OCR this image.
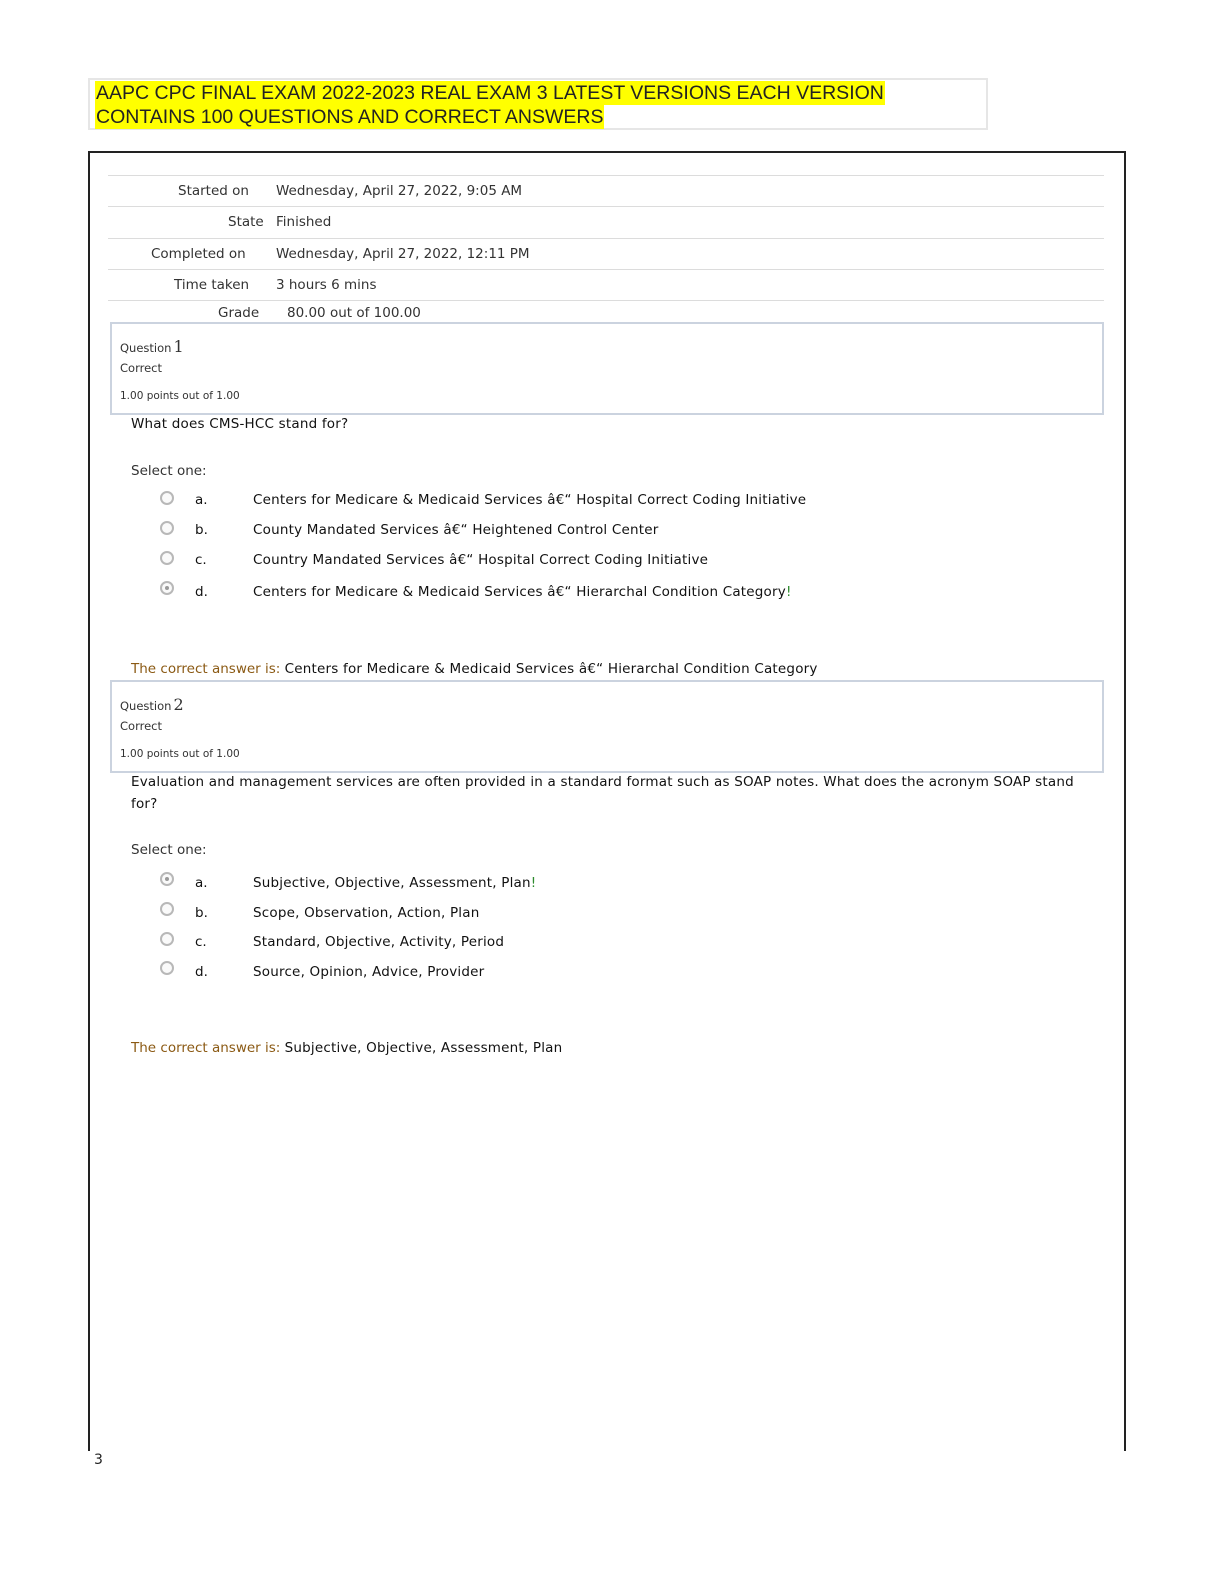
AAPC CPC FINAL EXAM 2022-2023 REAL EXAM 3 LATEST VERSIONS EACH VERSION
CONTAINS 100 QUESTIONS AND CORRECT ANSWERS
Started on Wednesday, April 27, 2022, 9:05 AM
State Finished
Completed on Wednesday, April 27, 2022, 12:11 PM
Time taken 3 hours 6 mins
Grade 80.00 out of 100.00
Question 1
Correct
1.00 points out of 1.00
What does CMS-HCC stand for?
Select one:
a.	Centers for Medicare & Medicaid Services â€“ Hospital Correct Coding Initiative
b.	County Mandated Services â€“ Heightened Control Center
c.	Country Mandated Services â€“ Hospital Correct Coding Initiative
d.	Centers for Medicare & Medicaid Services â€“ Hierarchal Condition Category!
The correct answer is: Centers for Medicare & Medicaid Services â€“ Hierarchal Condition Category
Question 2
Correct
1.00 points out of 1.00
Evaluation and management services are often provided in a standard format such as SOAP notes. What does the acronym SOAP stand for?
Select one:
a.	Subjective, Objective, Assessment, Plan!
b.	Scope, Observation, Action, Plan
c.	Standard, Objective, Activity, Period
d.	Source, Opinion, Advice, Provider
The correct answer is: Subjective, Objective, Assessment, Plan
3
